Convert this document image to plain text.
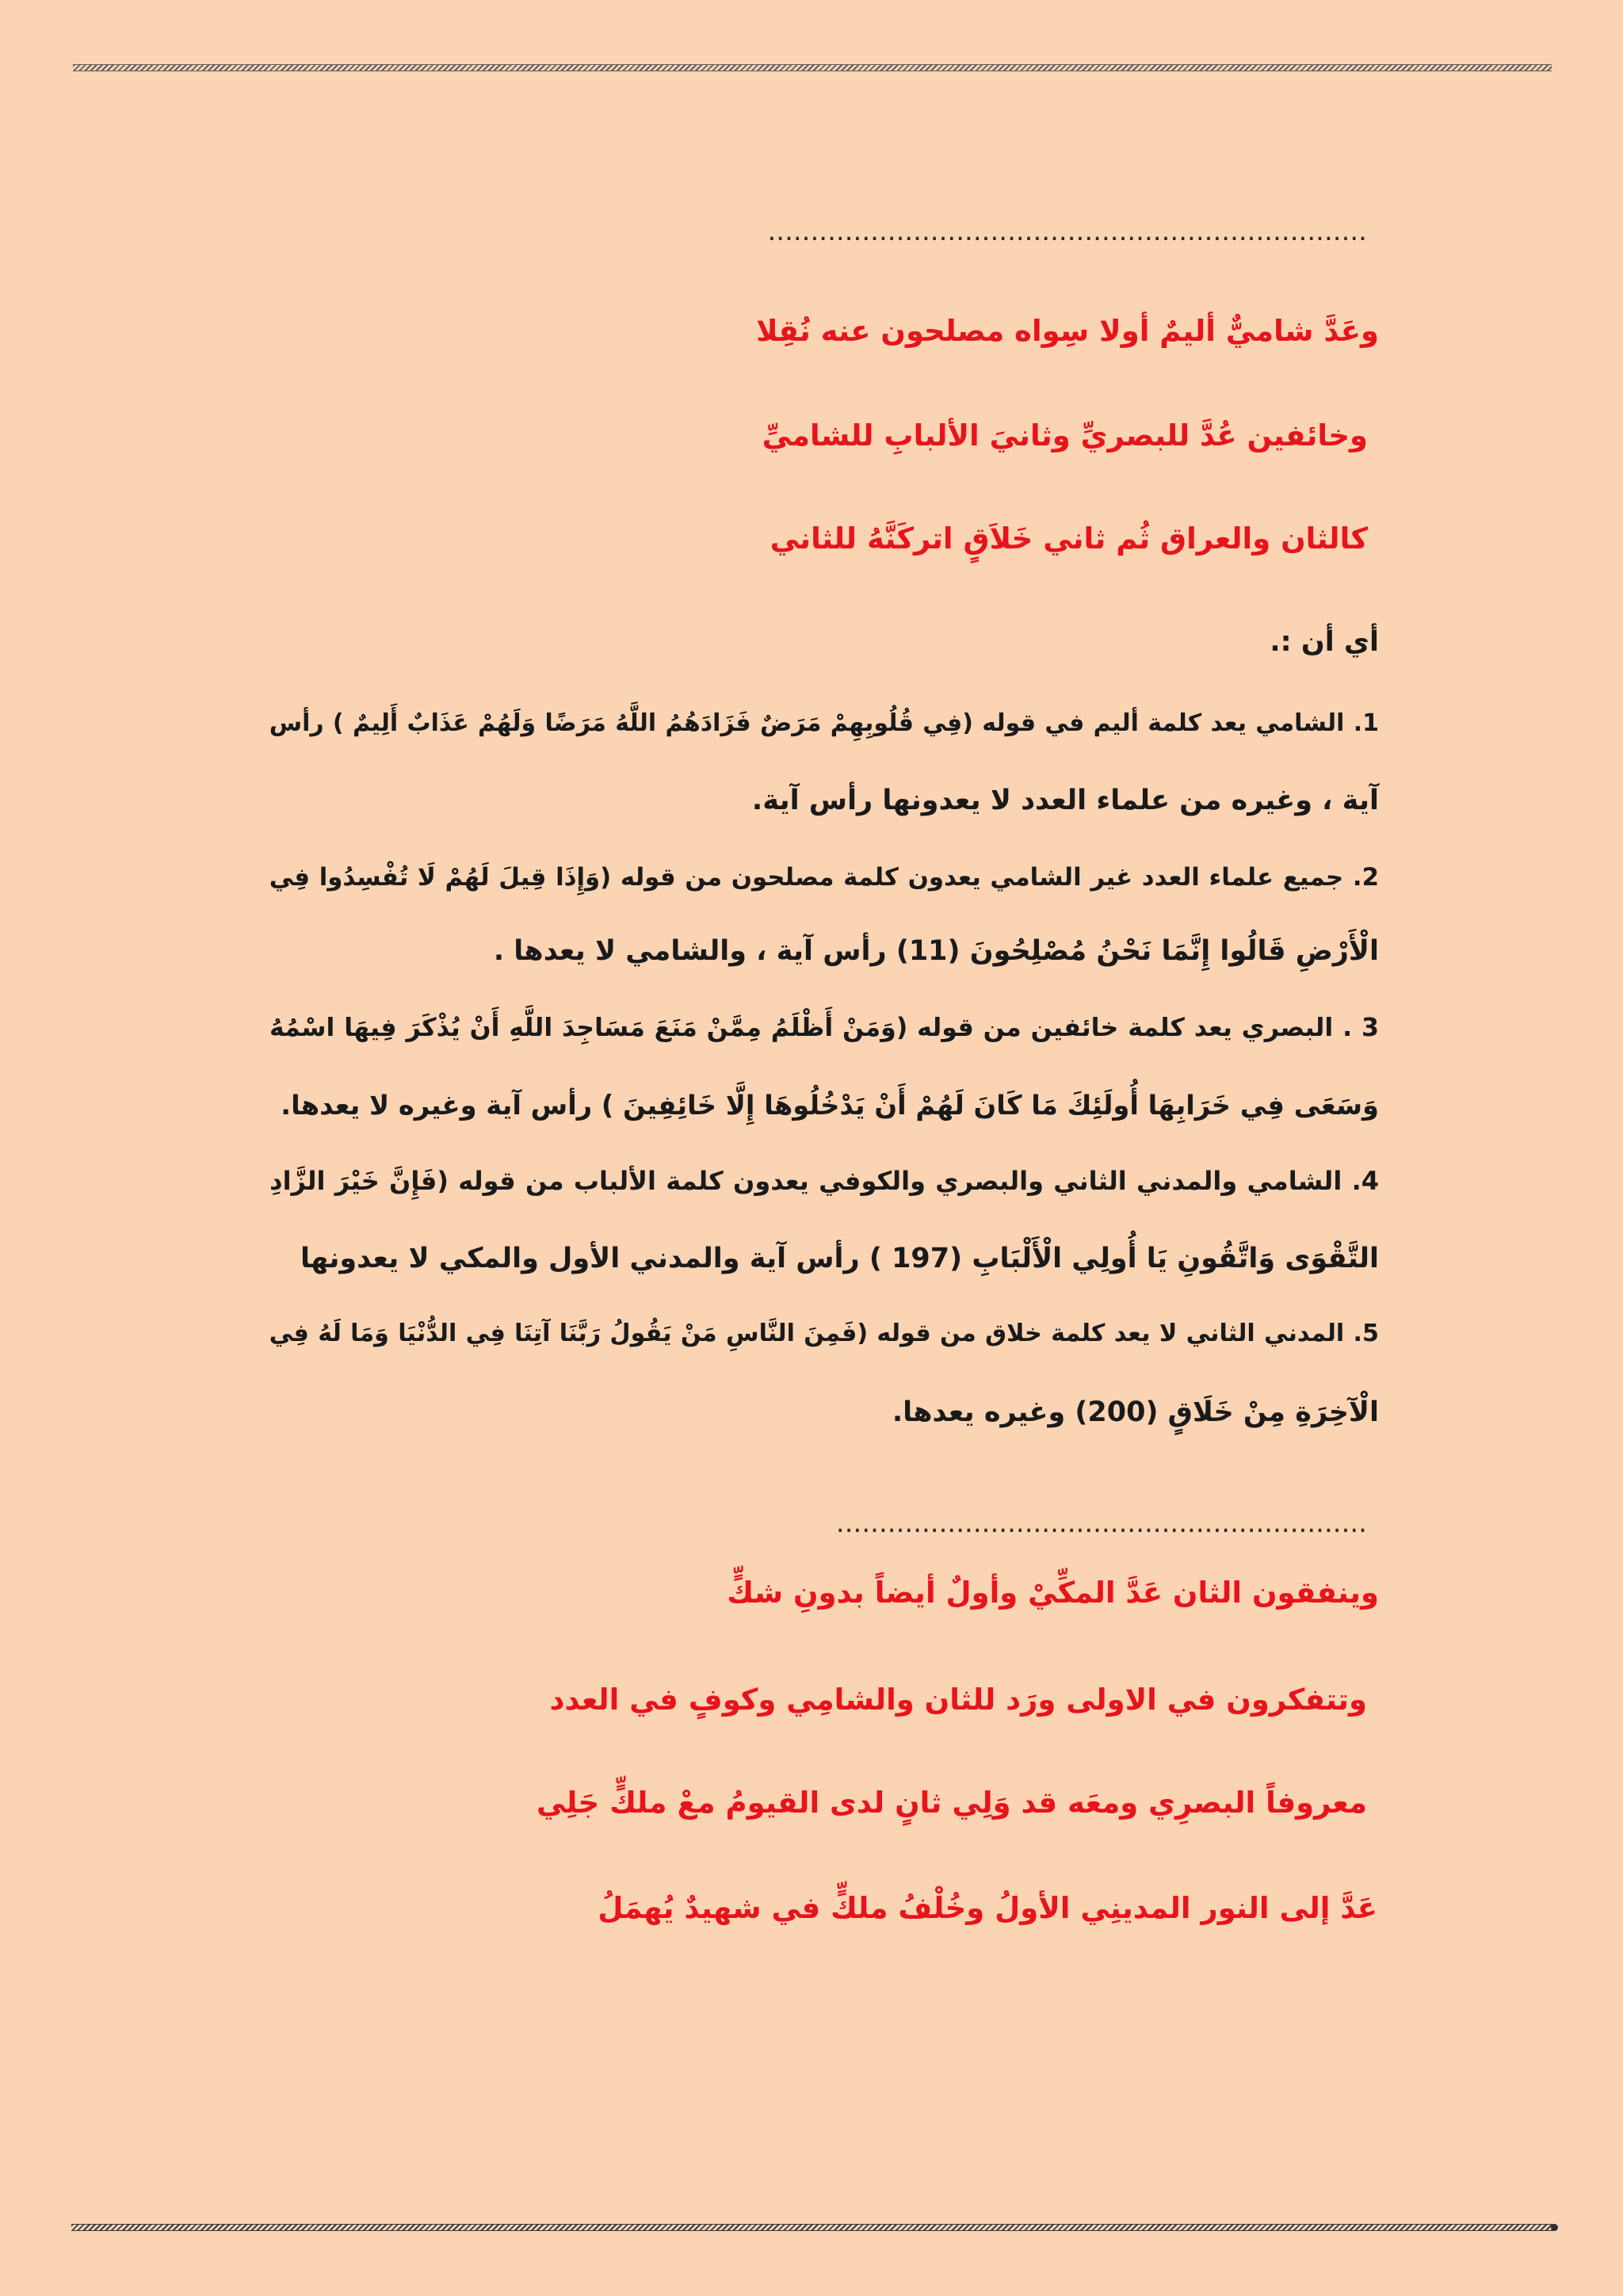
......................................................................
وعَدَّ شاميٌّ أليمٌ أولا سِواه مصلحون عنه نُقِلا
وخائفين عُدَّ للبصريِّ وثانيَ الألبابِ للشاميِّ
كالثان والعراق ثُم ثاني خَلاَقٍ اتركَنَّهُ للثاني
أي أن :.
1. الشامي يعد كلمة أليم في قوله (فِي قُلُوبِهِمْ مَرَضٌ فَزَادَهُمُ اللَّهُ مَرَضًا وَلَهُمْ عَذَابٌ أَلِيمٌ ) رأس
آية ، وغيره من علماء العدد لا يعدونها رأس آية.
2. جميع علماء العدد غير الشامي يعدون كلمة مصلحون من قوله (وَإِذَا قِيلَ لَهُمْ لَا تُفْسِدُوا فِي
الْأَرْضِ قَالُوا إِنَّمَا نَحْنُ مُصْلِحُونَ (11) رأس آية ، والشامي لا يعدها .
3 . البصري يعد كلمة خائفين من قوله (وَمَنْ أَظْلَمُ مِمَّنْ مَنَعَ مَسَاجِدَ اللَّهِ أَنْ يُذْكَرَ فِيهَا اسْمُهُ
وَسَعَى فِي خَرَابِهَا أُولَئِكَ مَا كَانَ لَهُمْ أَنْ يَدْخُلُوهَا إِلَّا خَائِفِينَ ) رأس آية وغيره لا يعدها.
4. الشامي والمدني الثاني والبصري والكوفي يعدون كلمة الألباب من قوله (فَإِنَّ خَيْرَ الزَّادِ
التَّقْوَى وَاتَّقُونِ يَا أُولِي الْأَلْبَابِ (197 ) رأس آية والمدني الأول والمكي لا يعدونها
5. المدني الثاني لا يعد كلمة خلاق من قوله (فَمِنَ النَّاسِ مَنْ يَقُولُ رَبَّنَا آتِنَا فِي الدُّنْيَا وَمَا لَهُ فِي
الْآخِرَةِ مِنْ خَلَاقٍ (200) وغيره يعدها.
..............................................................
وينفقون الثان عَدَّ المكِّيْ وأولٌ أيضاً بدونِ شكٍّ
وتتفكرون في الاولى ورَد للثان والشامِي وكوفٍ في العدد
معروفاً البصرِي ومعَه قد وَلِي ثانٍ لدى القيومُ معْ ملكٍّ جَلِي
عَدَّ إلى النور المدينِي الأولُ وخُلْفُ ملكٍّ في شهيدٌ يُهمَلُ
